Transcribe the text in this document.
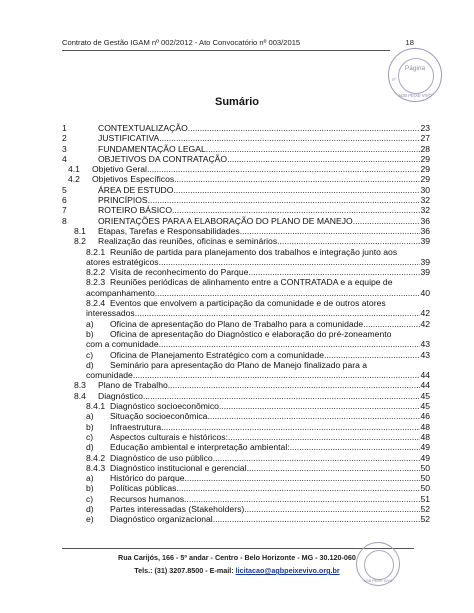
Contrato de Gestão IGAM nº 002/2012 - Ato Convocatório nº 003/2015	18
Página
nº
AGB PEIXE VIVO
Sumário
1	CONTEXTUALIZAÇÃO .....	23
2	JUSTIFICATIVA .....	27
3	FUNDAMENTAÇÃO LEGAL .....	28
4	OBJETIVOS DA CONTRATAÇÃO .....	29
4.1 Objetivo Geral .....	29
4.2 Objetivos Específicos .....	29
5	ÁREA DE ESTUDO .....	30
6	PRINCÍPIOS .....	32
7	ROTEIRO BÁSICO .....	32
8	ORIENTAÇÕES PARA A ELABORAÇÃO DO PLANO DE MANEJO .....	36
8.1 Etapas, Tarefas e Responsabilidades .....	36
8.2 Realização das reuniões, oficinas e seminários .....	39
8.2.1 Reunião de partida para planejamento dos trabalhos e integração junto aos
atores estratégicos .....	39
8.2.2 Visita de reconhecimento do Parque .....	39
8.2.3 Reuniões periódicas de alinhamento entre a CONTRATADA e a equipe de
acompanhamento .....	40
8.2.4 Eventos que envolvem a participação da comunidade e de outros atores
interessados .....	42
a) Oficina de apresentação do Plano de Trabalho para a comunidade .....	42
b) Oficina de apresentação do Diagnóstico e elaboração do pré-zoneamento
com a comunidade .....	43
c) Oficina de Planejamento Estratégico com a comunidade .....	43
d) Seminário para apresentação do Plano de Manejo finalizado para a
comunidade .....	44
8.3 Plano de Trabalho .....	44
8.4 Diagnóstico .....	45
8.4.1 Diagnóstico socioeconômico .....	45
a) Situação socioeconômica .....	46
b) Infraestrutura .....	48
c) Aspectos culturais e históricos: .....	48
d) Educação ambiental e interpretação ambiental: .....	49
8.4.2 Diagnóstico de uso público .....	49
8.4.3 Diagnóstico institucional e gerencial .....	50
a) Histórico do parque .....	50
b) Políticas públicas .....	50
c) Recursos humanos .....	51
d) Partes interessadas (Stakeholders) .....	52
e) Diagnóstico organizacional .....	52
Rua Carijós, 166 - 5º andar - Centro - Belo Horizonte - MG - 30.120-060
Tels.: (31) 3207.8500 - E-mail: licitacao@agbpeixevivo.org.br
AGB PEIXE VIVO
